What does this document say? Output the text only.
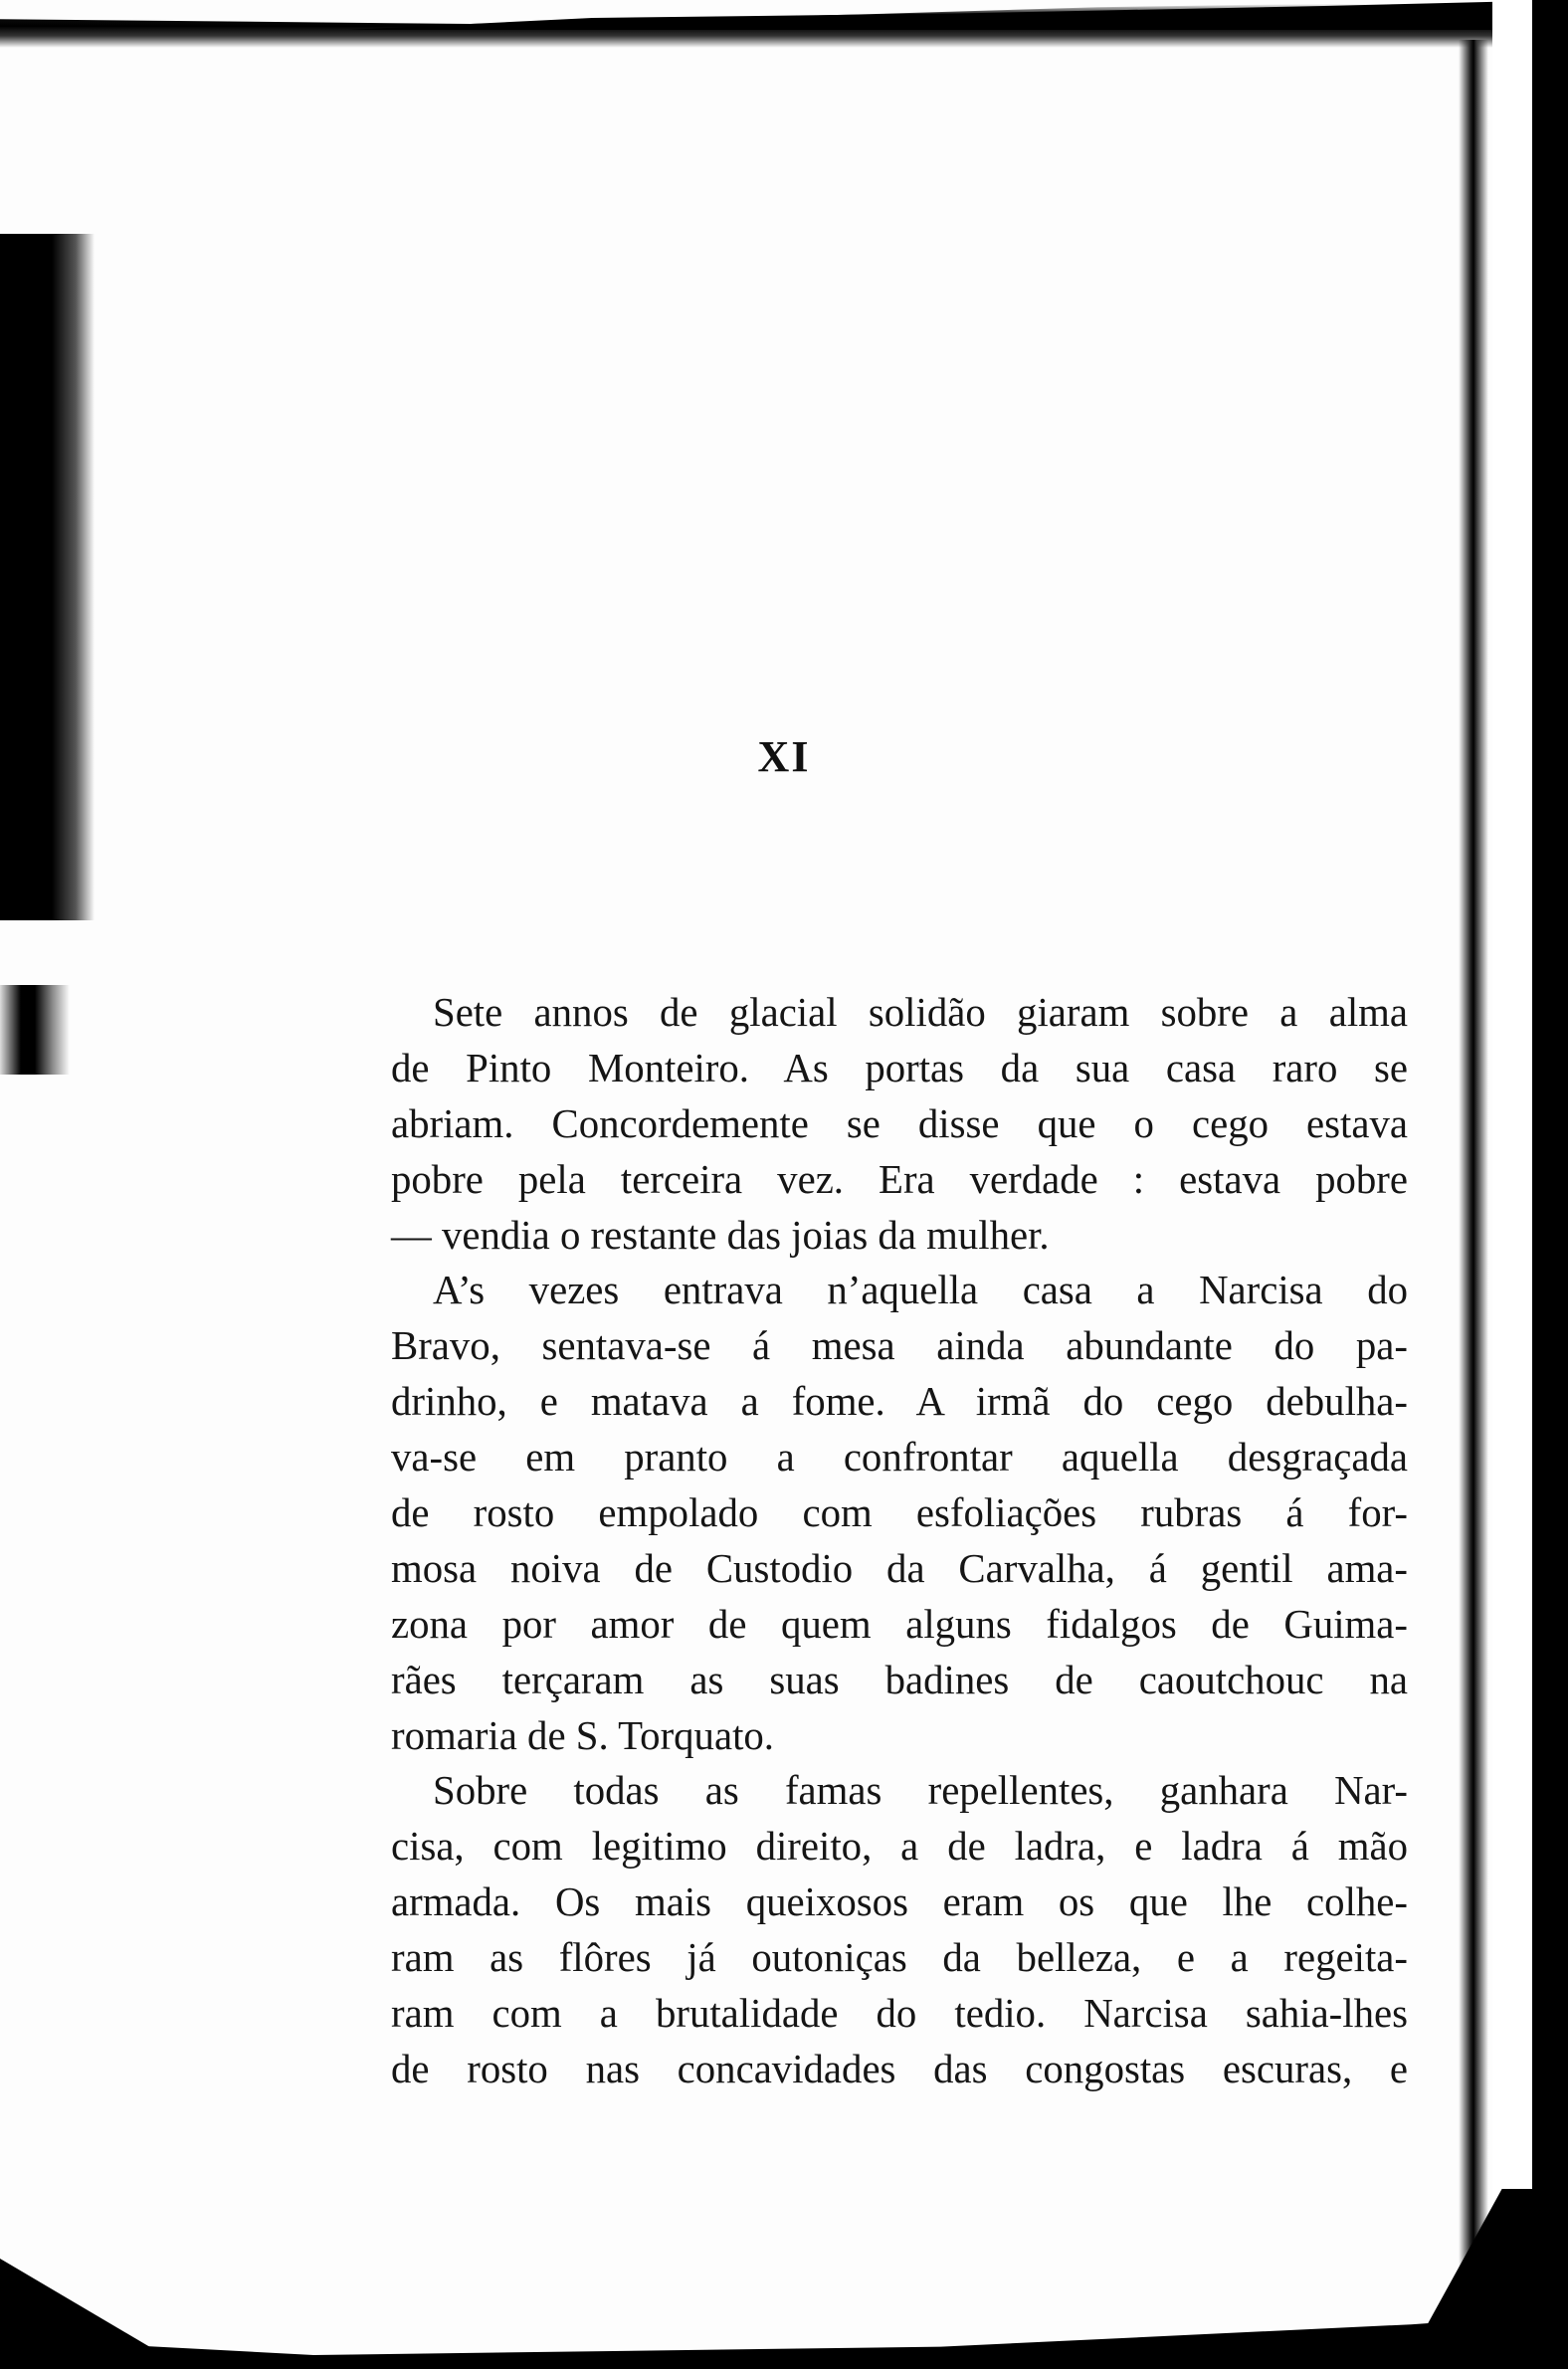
XI
Sete annos de glacial solidão giaram sobre a alma
de Pinto Monteiro. As portas da sua casa raro se
abriam. Concordemente se disse que o cego estava
pobre pela terceira vez. Era verdade : estava pobre
— vendia o restante das joias da mulher.
A’s vezes entrava n’aquella casa a Narcisa do
Bravo, sentava-se á mesa ainda abundante do pa-
drinho, e matava a fome. A irmã do cego debulha-
va-se em pranto a confrontar aquella desgraçada
de rosto empolado com esfoliações rubras á for-
mosa noiva de Custodio da Carvalha, á gentil ama-
zona por amor de quem alguns fidalgos de Guima-
rães terçaram as suas badines de caoutchouc na
romaria de S. Torquato.
Sobre todas as famas repellentes, ganhara Nar-
cisa, com legitimo direito, a de ladra, e ladra á mão
armada. Os mais queixosos eram os que lhe colhe-
ram as flôres já outoniças da belleza, e a regeita-
ram com a brutalidade do tedio. Narcisa sahia-lhes
de rosto nas concavidades das congostas escuras, e
